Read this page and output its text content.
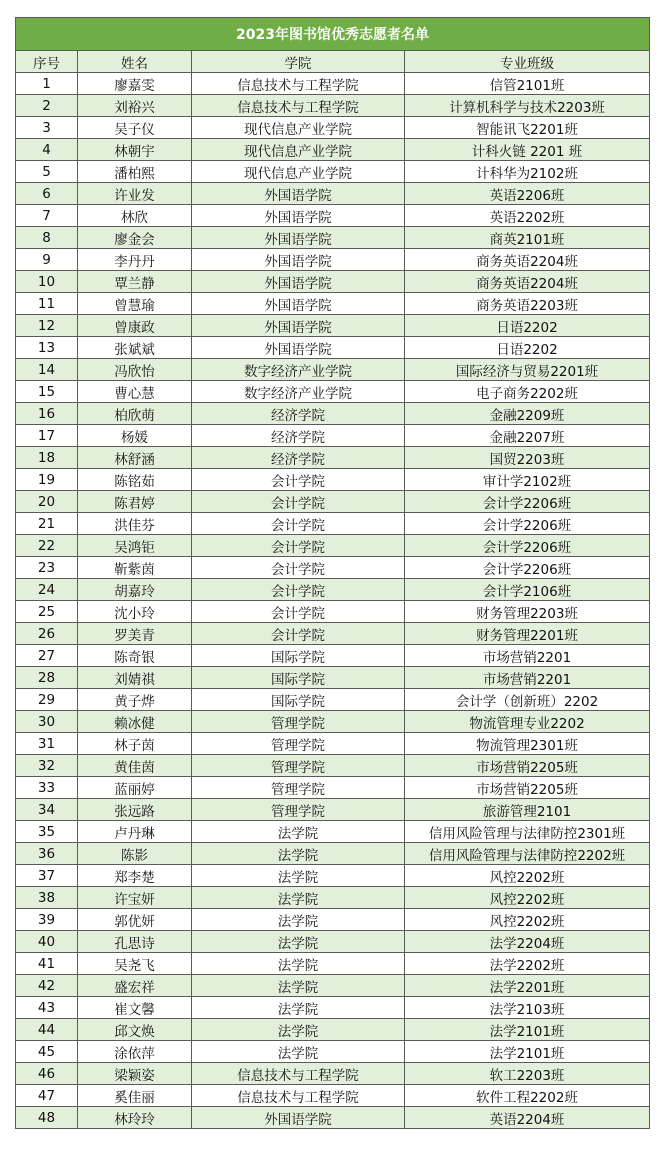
2023年图书馆优秀志愿者名单			
序号	姓名	学院	专业班级
1	廖嘉雯	信息技术与工程学院	信管2101班
2	刘裕兴	信息技术与工程学院	计算机科学与技术2203班
3	吴子仪	现代信息产业学院	智能讯飞2201班
4	林朝宇	现代信息产业学院	计科火链 2201 班
5	潘柏熙	现代信息产业学院	计科华为2102班
6	许业发	外国语学院	英语2206班
7	林欣	外国语学院	英语2202班
8	廖金会	外国语学院	商英2101班
9	李丹丹	外国语学院	商务英语2204班
10	覃兰静	外国语学院	商务英语2204班
11	曾慧瑜	外国语学院	商务英语2203班
12	曾康政	外国语学院	日语2202
13	张斌斌	外国语学院	日语2202
14	冯欣怡	数字经济产业学院	国际经济与贸易2201班
15	曹心慧	数字经济产业学院	电子商务2202班
16	柏欣萌	经济学院	金融2209班
17	杨媛	经济学院	金融2207班
18	林舒涵	经济学院	国贸2203班
19	陈铭茹	会计学院	审计学2102班
20	陈君婷	会计学院	会计学2206班
21	洪佳芬	会计学院	会计学2206班
22	吴鸿钜	会计学院	会计学2206班
23	靳紫茵	会计学院	会计学2206班
24	胡嘉玲	会计学院	会计学2106班
25	沈小玲	会计学院	财务管理2203班
26	罗美青	会计学院	财务管理2201班
27	陈奇银	国际学院	市场营销2201
28	刘婧祺	国际学院	市场营销2201
29	黄子烨	国际学院	会计学（创新班）2202
30	赖冰健	管理学院	物流管理专业2202
31	林子茵	管理学院	物流管理2301班
32	黄佳茵	管理学院	市场营销2205班
33	蓝丽婷	管理学院	市场营销2205班
34	张远路	管理学院	旅游管理2101
35	卢丹琳	法学院	信用风险管理与法律防控2301班
36	陈影	法学院	信用风险管理与法律防控2202班
37	郑李楚	法学院	风控2202班
38	许宝妍	法学院	风控2202班
39	郭优妍	法学院	风控2202班
40	孔思诗	法学院	法学2204班
41	吴尧飞	法学院	法学2202班
42	盛宏祥	法学院	法学2201班
43	崔文馨	法学院	法学2103班
44	邱文焕	法学院	法学2101班
45	涂依萍	法学院	法学2101班
46	梁颖姿	信息技术与工程学院	软工2203班
47	奚佳丽	信息技术与工程学院	软件工程2202班
48	林玲玲	外国语学院	英语2204班
